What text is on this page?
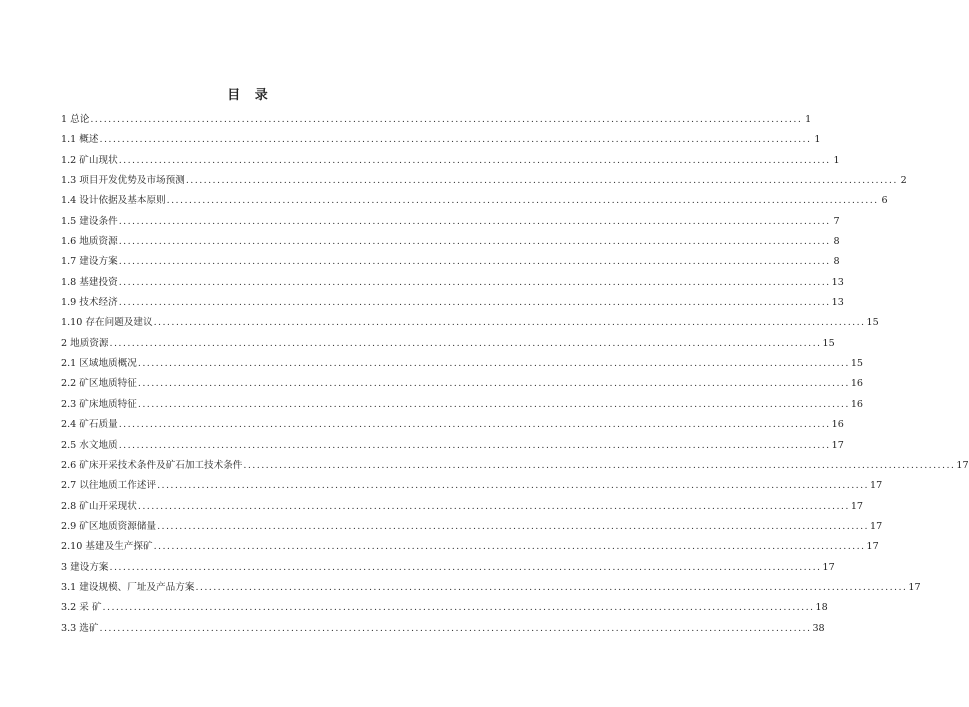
目 录
1 总论 ................................................................................................................................................................ 1
1.1 概述 ................................................................................................................................................................ 1
1.2 矿山现状 ................................................................................................................................................................ 1
1.3 项目开发优势及市场预测 ................................................................................................................................................................ 2
1.4 设计依据及基本原则 ................................................................................................................................................................ 6
1.5 建设条件 ................................................................................................................................................................ 7
1.6 地质资源 ................................................................................................................................................................ 8
1.7 建设方案 ................................................................................................................................................................ 8
1.8 基建投资 ................................................................................................................................................................ 13
1.9 技术经济 ................................................................................................................................................................ 13
1.10 存在问题及建议 ................................................................................................................................................................ 15
2 地质资源 ................................................................................................................................................................ 15
2.1 区域地质概况 ................................................................................................................................................................ 15
2.2 矿区地质特征 ................................................................................................................................................................ 16
2.3 矿床地质特征 ................................................................................................................................................................ 16
2.4 矿石质量 ................................................................................................................................................................ 16
2.5 水文地质 ................................................................................................................................................................ 17
2.6 矿床开采技术条件及矿石加工技术条件 ................................................................................................................................................................ 17
2.7 以往地质工作述评 ................................................................................................................................................................ 17
2.8 矿山开采现状 ................................................................................................................................................................ 17
2.9 矿区地质资源储量 ................................................................................................................................................................ 17
2.10 基建及生产探矿 ................................................................................................................................................................ 17
3 建设方案 ................................................................................................................................................................ 17
3.1 建设规模、厂址及产品方案 ................................................................................................................................................................ 17
3.2 采 矿 ................................................................................................................................................................ 18
3.3 选矿 ................................................................................................................................................................ 38
